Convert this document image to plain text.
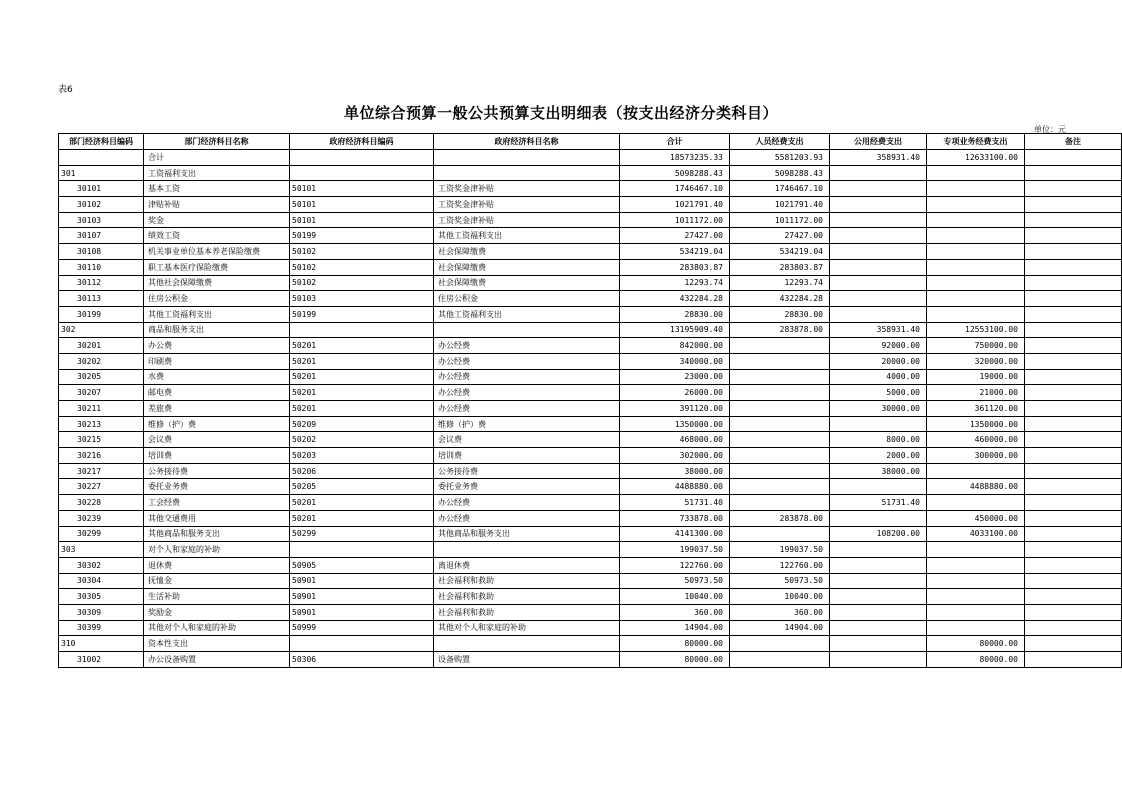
表6
单位综合预算一般公共预算支出明细表（按支出经济分类科目）
单位：元
部门经济科目编码	部门经济科目名称	政府经济科目编码	政府经济科目名称	合计	人员经费支出	公用经费支出	专项业务经费支出	备注
	合计			18573235.33	5581203.93	358931.40	12633100.00	
301	工资福利支出			5098288.43	5098288.43			
30101	基本工资	50101	工资奖金津补贴	1746467.10	1746467.10			
30102	津贴补贴	50101	工资奖金津补贴	1021791.40	1021791.40			
30103	奖金	50101	工资奖金津补贴	1011172.00	1011172.00			
30107	绩效工资	50199	其他工资福利支出	27427.00	27427.00			
30108	机关事业单位基本养老保险缴费	50102	社会保障缴费	534219.04	534219.04			
30110	职工基本医疗保险缴费	50102	社会保障缴费	283803.87	283803.87			
30112	其他社会保障缴费	50102	社会保障缴费	12293.74	12293.74			
30113	住房公积金	50103	住房公积金	432284.28	432284.28			
30199	其他工资福利支出	50199	其他工资福利支出	28830.00	28830.00			
302	商品和服务支出			13195909.40	283878.00	358931.40	12553100.00	
30201	办公费	50201	办公经费	842000.00		92000.00	750000.00	
30202	印刷费	50201	办公经费	340000.00		20000.00	320000.00	
30205	水费	50201	办公经费	23000.00		4000.00	19000.00	
30207	邮电费	50201	办公经费	26000.00		5000.00	21000.00	
30211	差旅费	50201	办公经费	391120.00		30000.00	361120.00	
30213	维修（护）费	50209	维修（护）费	1350000.00			1350000.00	
30215	会议费	50202	会议费	468000.00		8000.00	460000.00	
30216	培训费	50203	培训费	302000.00		2000.00	300000.00	
30217	公务接待费	50206	公务接待费	38000.00		38000.00		
30227	委托业务费	50205	委托业务费	4488880.00			4488880.00	
30228	工会经费	50201	办公经费	51731.40		51731.40		
30239	其他交通费用	50201	办公经费	733878.00	283878.00		450000.00	
30299	其他商品和服务支出	50299	其他商品和服务支出	4141300.00		108200.00	4033100.00	
303	对个人和家庭的补助			199037.50	199037.50			
30302	退休费	50905	离退休费	122760.00	122760.00			
30304	抚恤金	50901	社会福利和救助	50973.50	50973.50			
30305	生活补助	50901	社会福利和救助	10040.00	10040.00			
30309	奖励金	50901	社会福利和救助	360.00	360.00			
30399	其他对个人和家庭的补助	50999	其他对个人和家庭的补助	14904.00	14904.00			
310	资本性支出			80000.00			80000.00	
31002	办公设备购置	50306	设备购置	80000.00			80000.00	
